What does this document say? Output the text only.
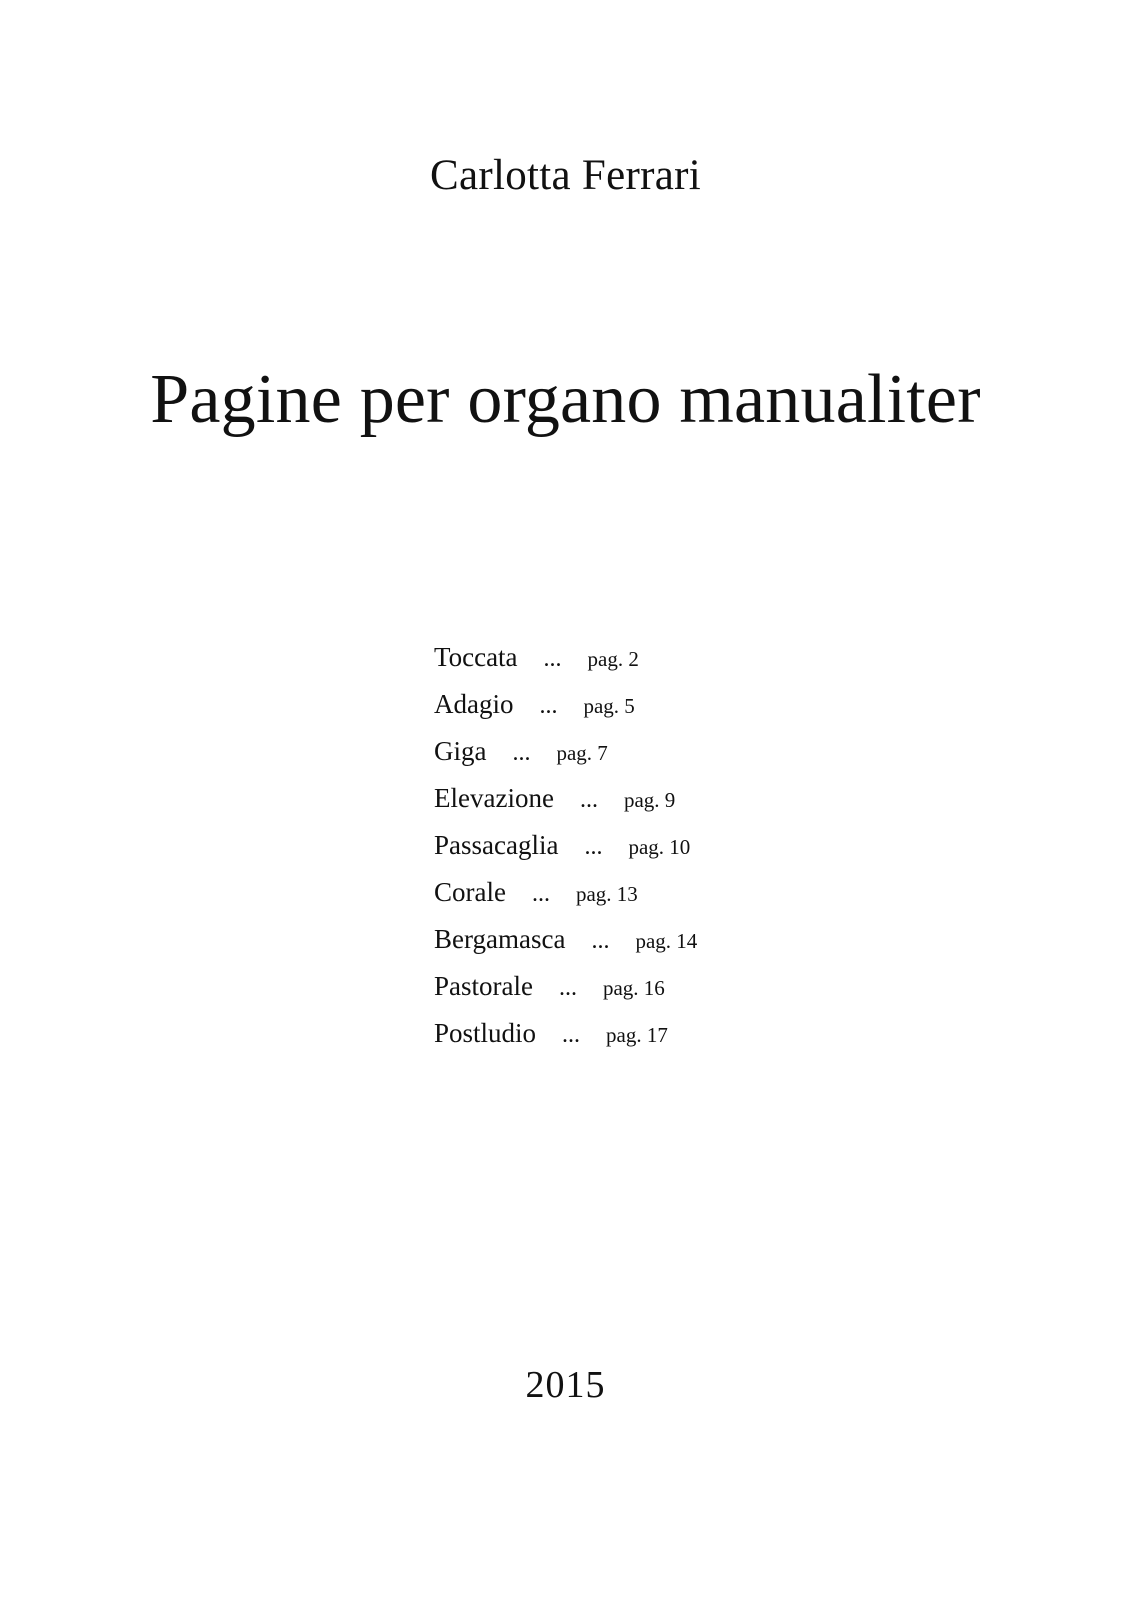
Carlotta Ferrari
Pagine per organo manualiter
Toccata ... pag. 2
Adagio ... pag. 5
Giga ... pag. 7
Elevazione ... pag. 9
Passacaglia ... pag. 10
Corale ... pag. 13
Bergamasca ... pag. 14
Pastorale ... pag. 16
Postludio ... pag. 17
2015
